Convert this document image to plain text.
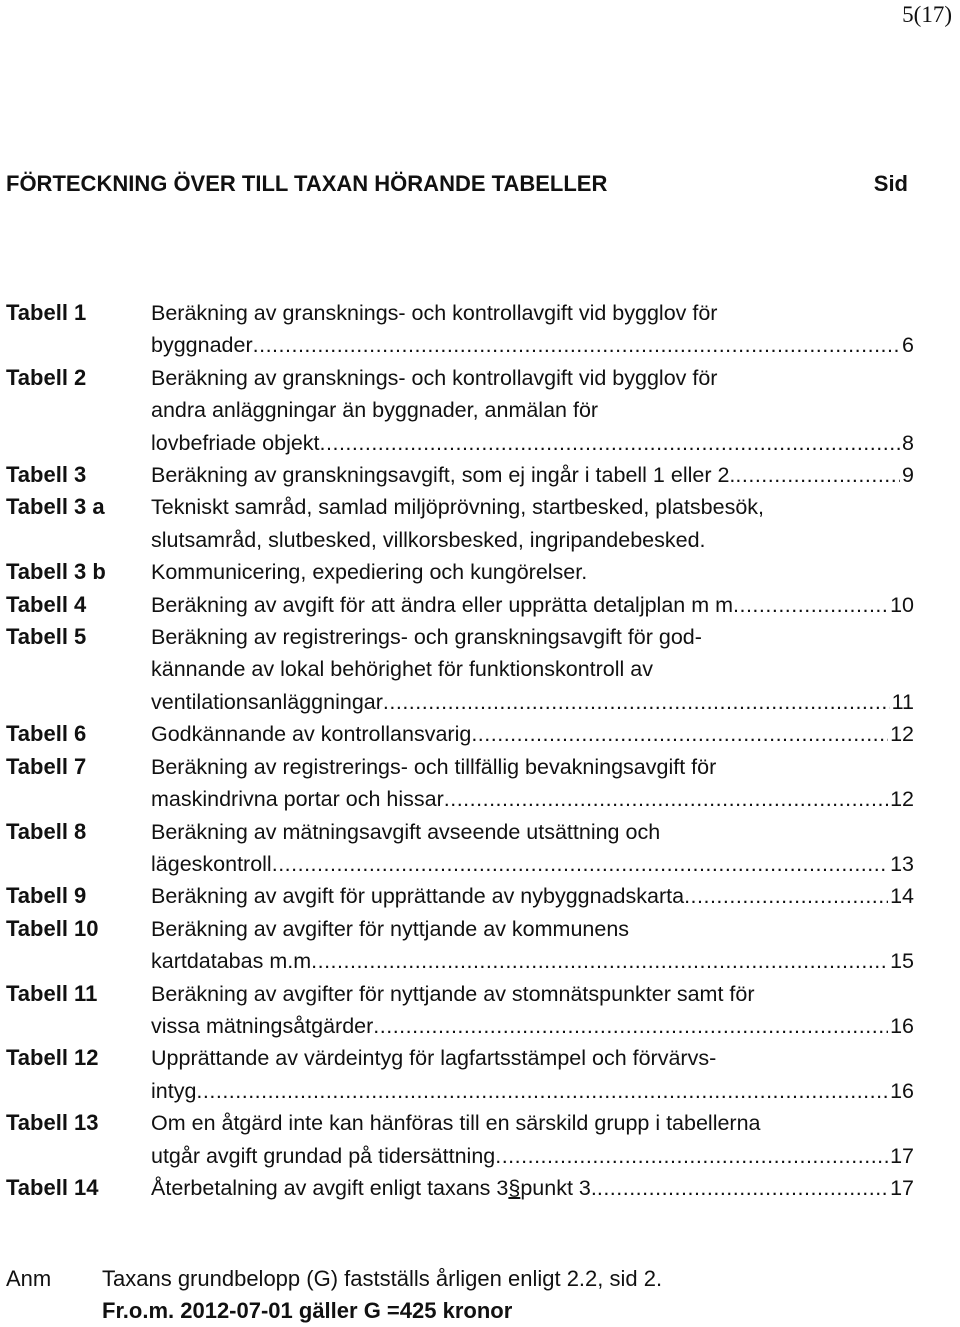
5(17)
FÖRTECKNING ÖVER TILL TAXAN HÖRANDE TABELLER	Sid
Tabell 1	Beräkning av gransknings- och kontrollavgift vid bygglov för
byggnader .....	6
Tabell 2	Beräkning av gransknings- och kontrollavgift vid bygglov för
andra anläggningar än byggnader, anmälan för
lovbefriade objekt .....	8
Tabell 3	Beräkning av granskningsavgift, som ej ingår i tabell 1 eller 2. .....	9
Tabell 3 a Tekniskt samråd, samlad miljöprövning, startbesked, platsbesök,
slutsamråd, slutbesked, villkorsbesked, ingripandebesked.
Tabell 3 b Kommunicering, expediering och kungörelser.
Tabell 4	Beräkning av avgift för att ändra eller upprätta detaljplan m m .....	10
Tabell 5	Beräkning av registrerings- och granskningsavgift för god-
kännande av lokal behörighet för funktionskontroll av
ventilationsanläggningar .....	11
Tabell 6	Godkännande av kontrollansvarig .....	12
Tabell 7	Beräkning av registrerings- och tillfällig bevakningsavgift för
maskindrivna portar och hissar .....	12
Tabell 8	Beräkning av mätningsavgift avseende utsättning och
lägeskontroll .....	13
Tabell 9	Beräkning av avgift för upprättande av nybyggnadskarta .....	14
Tabell 10 Beräkning av avgifter för nyttjande av kommunens
kartdatabas m.m .....	15
Tabell 11 Beräkning av avgifter för nyttjande av stomnätspunkter samt för
vissa mätningsåtgärder .....	16
Tabell 12 Upprättande av värdeintyg för lagfartsstämpel och förvärvs-
intyg .....	16
Tabell 13 Om en åtgärd inte kan hänföras till en särskild grupp i tabellerna
utgår avgift grundad på tidersättning .....	17
Tabell 14 Återbetalning av avgift enligt taxans 3 § punkt 3. .....	17
Anm Taxans grundbelopp (G) fastställs årligen enligt 2.2, sid 2.
Fr.o.m. 2012-07-01 gäller G =425 kronor
